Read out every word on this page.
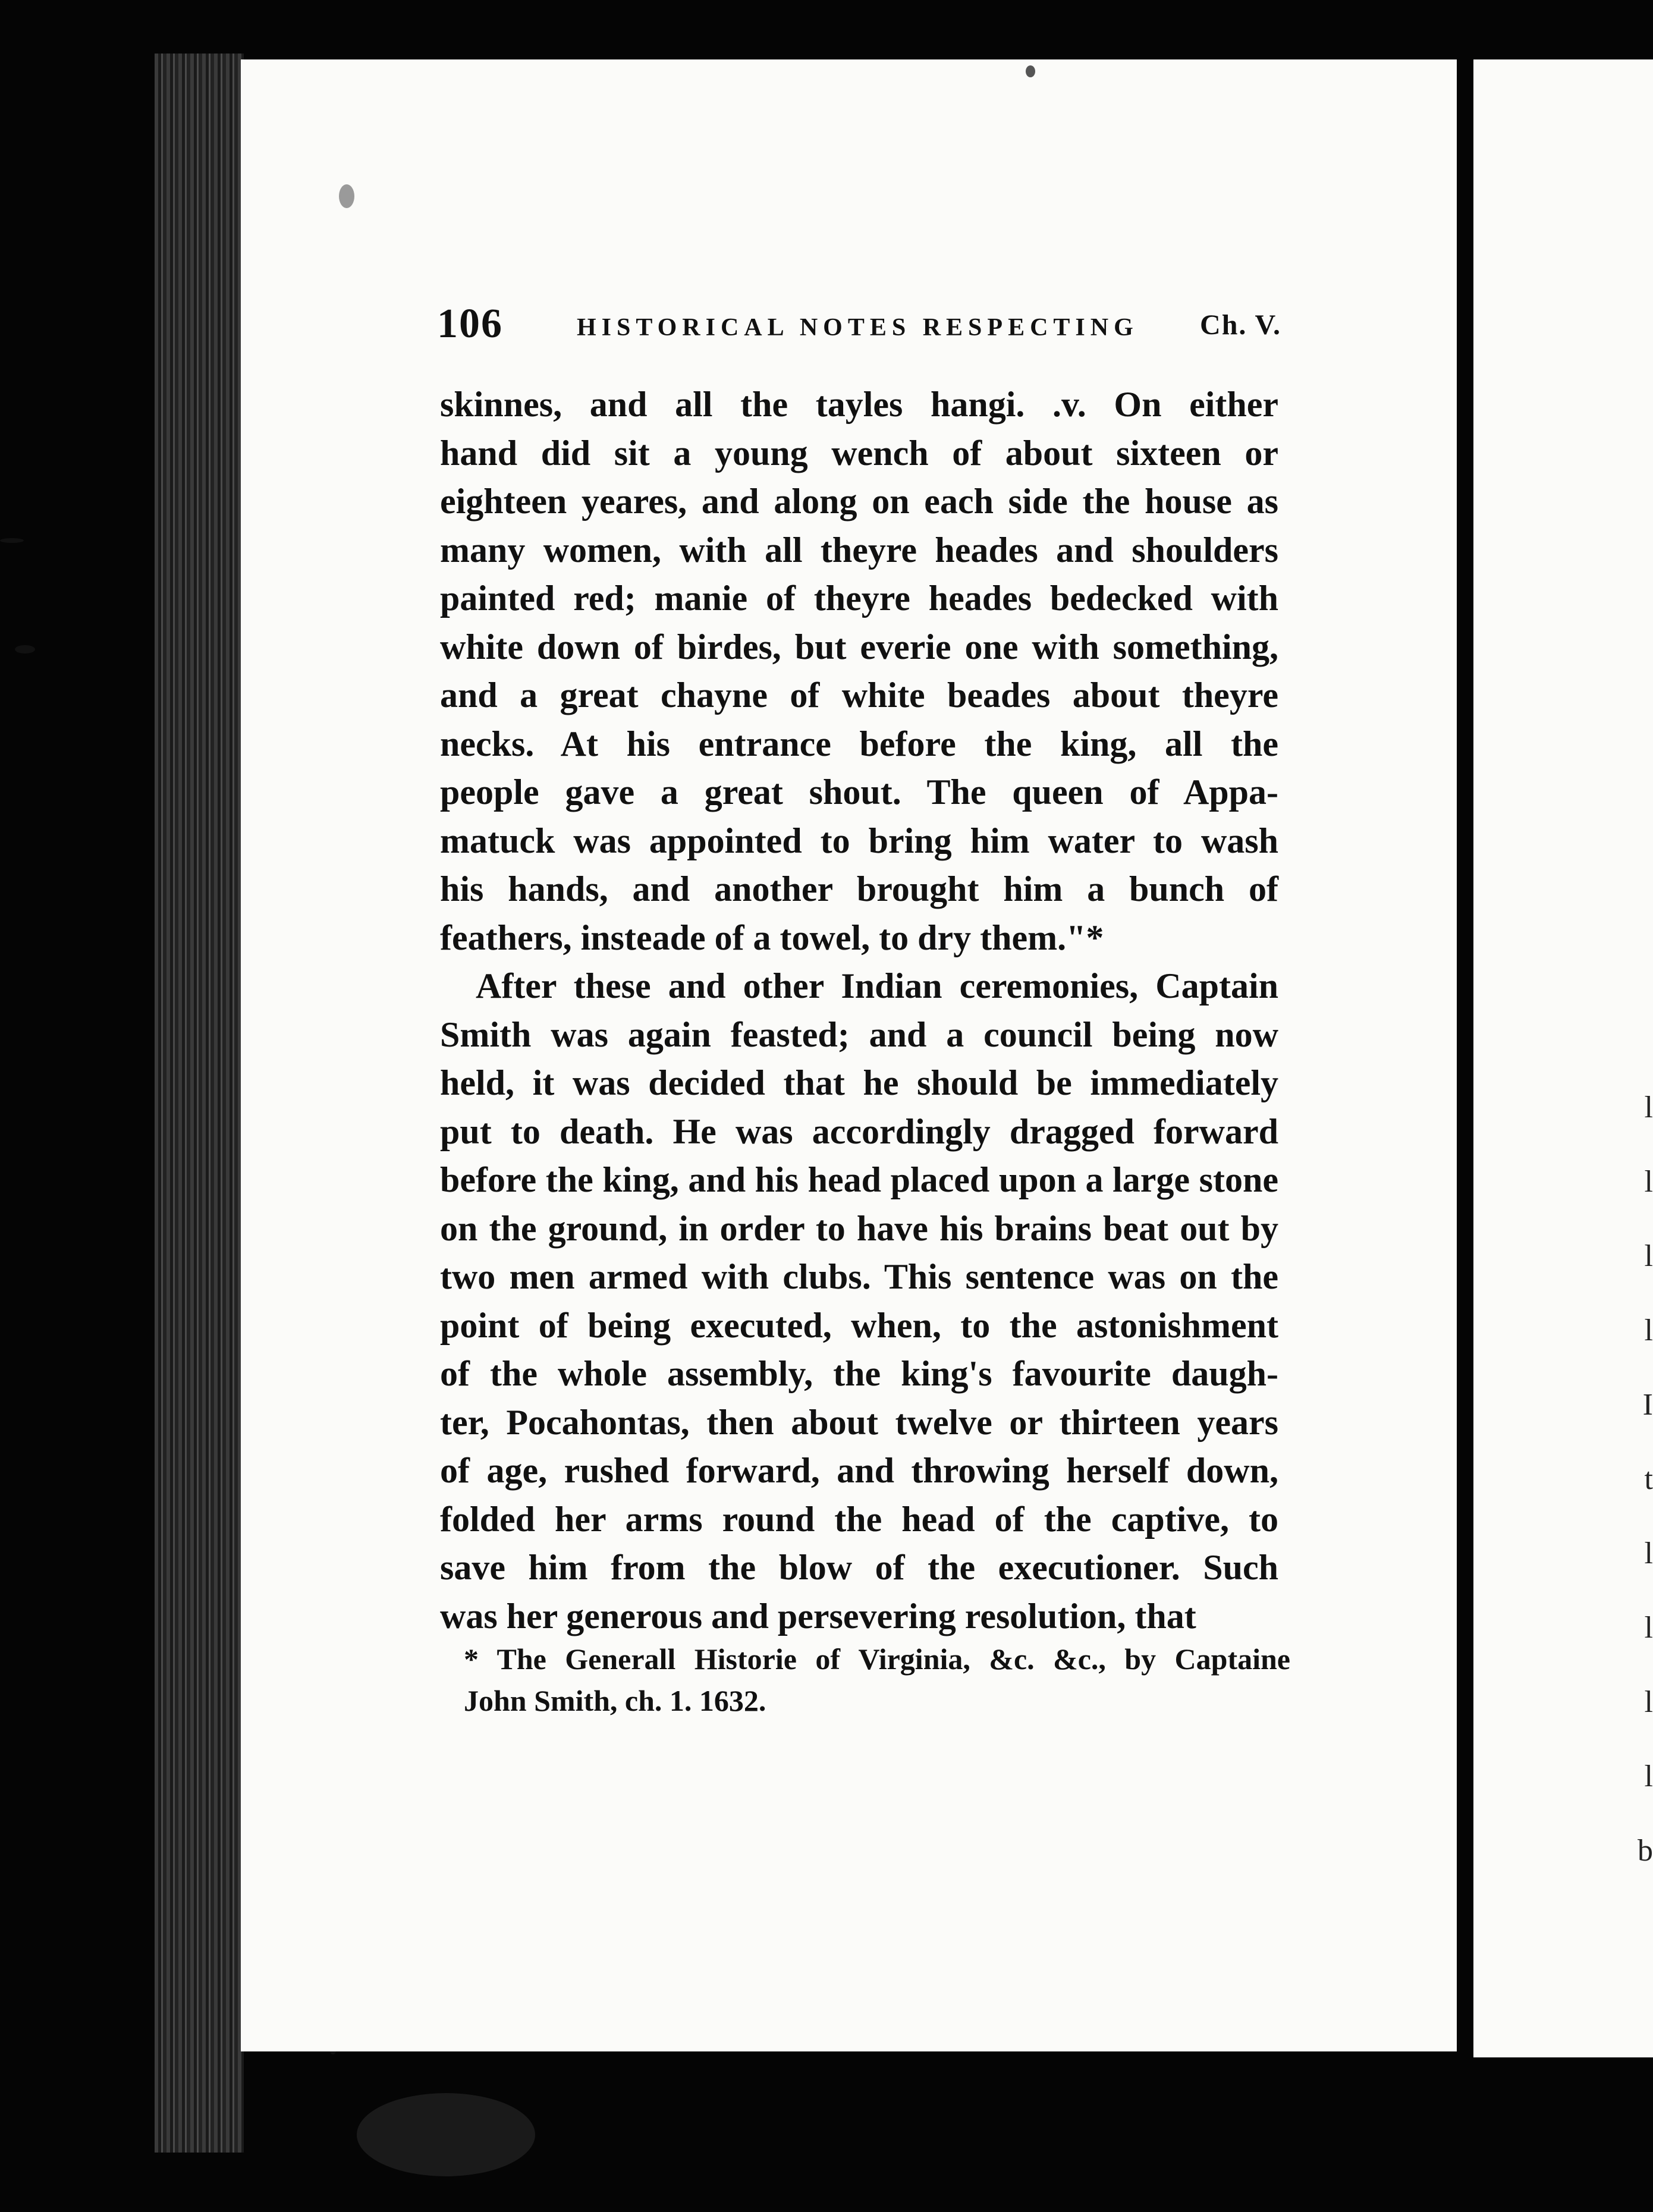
l
l
l
l
I
t
l
l
l
l
b
106	HISTORICAL NOTES RESPECTING Ch. V.
skinnes, and all the tayles hangi. .v. On either
hand did sit a young wench of about sixteen or
eighteen yeares, and along on each side the house as
many women, with all theyre heades and shoulders
painted red; manie of theyre heades bedecked with
white down of birdes, but everie one with something,
and a great chayne of white beades about theyre
necks. At his entrance before the king, all the
people gave a great shout. The queen of Appa-
matuck was appointed to bring him water to wash
his hands, and another brought him a bunch of
feathers, insteade of a towel, to dry them."*
After these and other Indian ceremonies, Captain
Smith was again feasted; and a council being now
held, it was decided that he should be immediately
put to death. He was accordingly dragged forward
before the king, and his head placed upon a large stone
on the ground, in order to have his brains beat out by
two men armed with clubs. This sentence was on the
point of being executed, when, to the astonishment
of the whole assembly, the king's favourite daugh-
ter, Pocahontas, then about twelve or thirteen years
of age, rushed forward, and throwing herself down,
folded her arms round the head of the captive, to
save him from the blow of the executioner. Such
was her generous and persevering resolution, that
* The Generall Historie of Virginia, &c. &c., by Captaine
John Smith, ch. 1. 1632.
